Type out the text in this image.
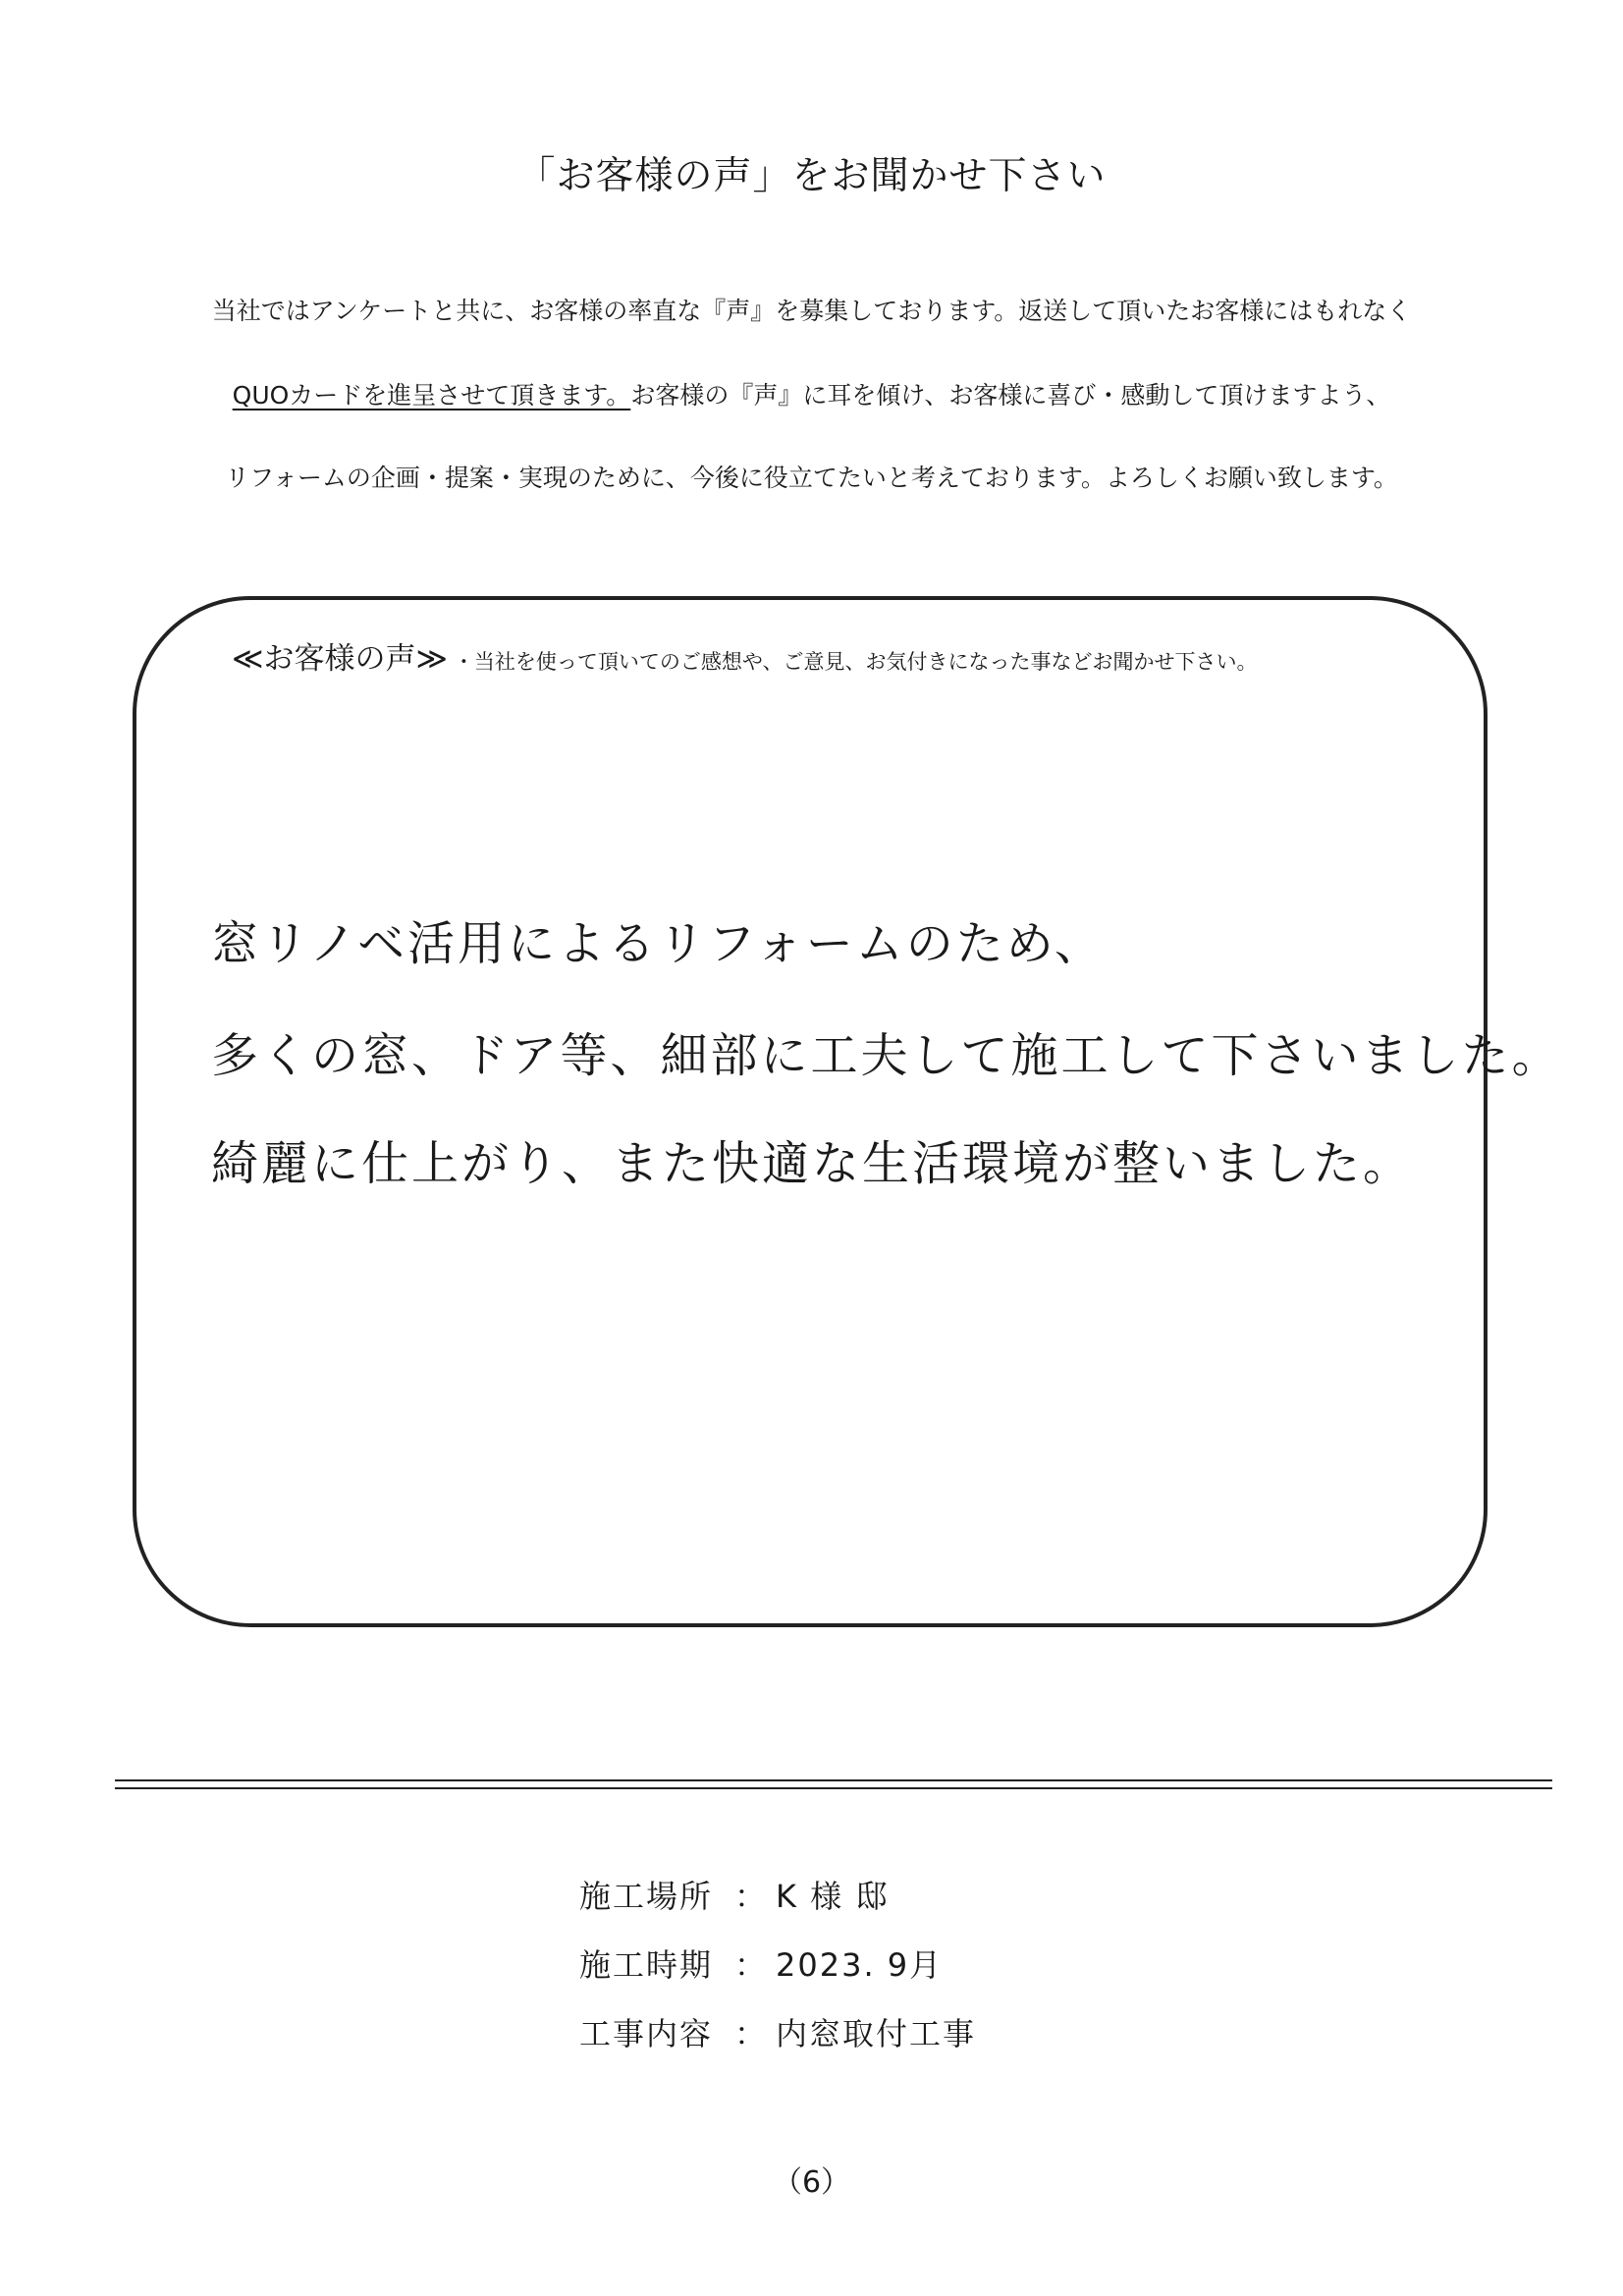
「お客様の声」をお聞かせ下さい
当社ではアンケートと共に、お客様の率直な『声』を募集しております。返送して頂いたお客様にはもれなく
QUOカードを進呈させて頂きます。お客様の『声』に耳を傾け、お客様に喜び・感動して頂けますよう、
リフォームの企画・提案・実現のために、今後に役立てたいと考えております。よろしくお願い致します。
≪お客様の声≫ ・当社を使って頂いてのご感想や、ご意見、お気付きになった事などお聞かせ下さい。
窓リノベ活用によるリフォームのため、
多くの窓、ドア等、細部に工夫して施工して下さいました。
綺麗に仕上がり、また快適な生活環境が整いました。
施工場所 ： K 様 邸
施工時期 ： 2023. 9月
工事内容 ： 内窓取付工事
（6）
